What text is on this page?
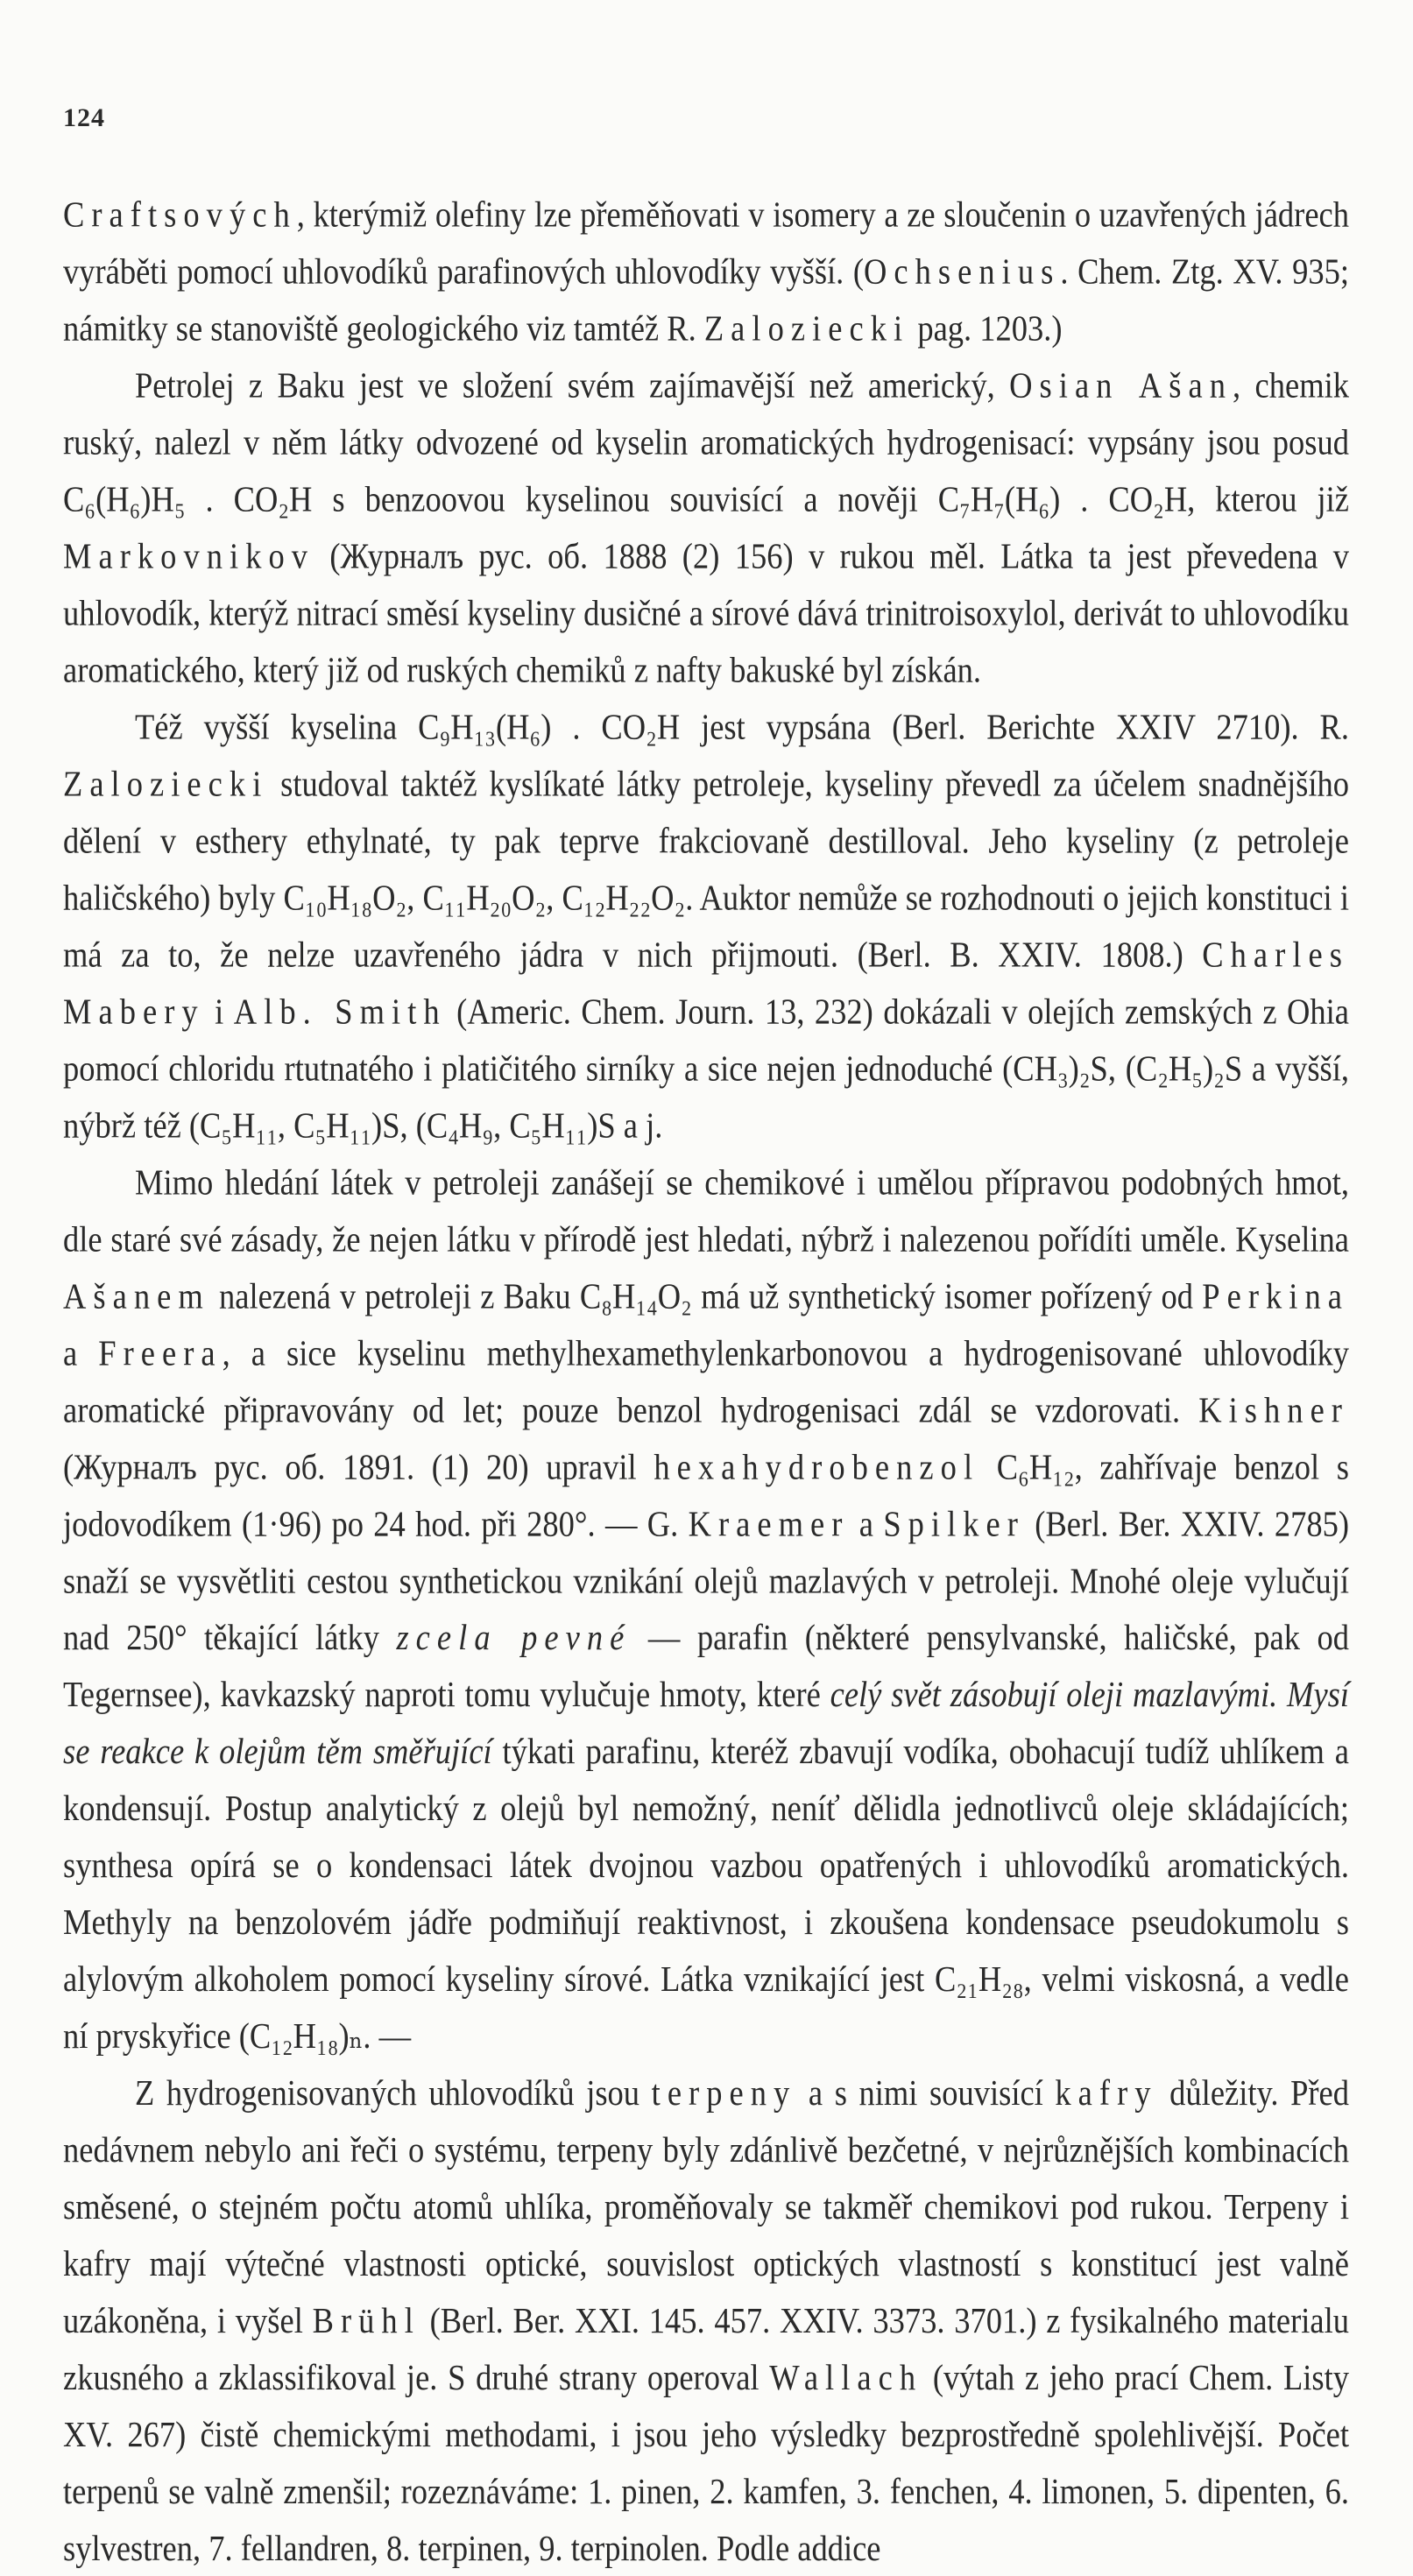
124

Craftsových, kterýmiž olefiny lze přeměňovati v isomery a ze sloučenin o uzavřených jádrech vyráběti pomocí uhlovodíků parafinových uhlovodíky vyšší. (Ochsenius. Chem. Ztg. XV. 935; námitky se stanoviště geologického viz tamtéž R. Zaloziecki pag. 1203.)

Petrolej z Baku jest ve složení svém zajímavější než americký, Osian Ašan, chemik ruský, nalezl v něm látky odvozené od kyselin aromatických hydrogenisací: vypsány jsou posud C₆(H₆)H₅ . CO₂H s benzoovou kyselinou souvisící a nověji C₇H₇(H₆) . CO₂H, kterou již Markovnikov (Журналъ рус. об. 1888 (2) 156) v rukou měl. Látka ta jest převedena v uhlovodík, kterýž nitrací směsí kyseliny dusičné a sírové dává trinitroisoxylol, derivát to uhlovodíku aromatického, který již od ruských chemiků z nafty bakuské byl získán.

Též vyšší kyselina C₉H₁₃(H₆) . CO₂H jest vypsána (Berl. Berichte XXIV 2710). R. Zaloziecki studoval taktéž kyslíkaté látky petroleje, kyseliny převedl za účelem snadnějšího dělení v esthery ethylnaté, ty pak teprve frakciovaně destilloval. Jeho kyseliny (z petroleje haličského) byly C₁₀H₁₈O₂, C₁₁H₂₀O₂, C₁₂H₂₂O₂. Auktor nemůže se rozhodnouti o jejich konstituci i má za to, že nelze uzavřeného jádra v nich přijmouti. (Berl. B. XXIV. 1808.) Charles Mabery i Alb. Smith (Americ. Chem. Journ. 13, 232) dokázali v olejích zemských z Ohia pomocí chloridu rtutnatého i platičitého sirníky a sice nejen jednoduché (CH₃)₂S, (C₂H₅)₂S a vyšší, nýbrž též (C₅H₁₁, C₅H₁₁)S, (C₄H₉, C₅H₁₁)S a j.

Mimo hledání látek v petroleji zanášejí se chemikové i umělou přípravou podobných hmot, dle staré své zásady, že nejen látku v přírodě jest hledati, nýbrž i nalezenou pořídíti uměle. Kyselina Ašanem nalezená v petroleji z Baku C₈H₁₄O₂ má už synthetický isomer pořízený od Perkina a Freera, a sice kyselinu methylhexamethylenkarbonovou a hydrogenisované uhlovodíky aromatické připravovány od let; pouze benzol hydrogenisaci zdál se vzdorovati. Kishner (Журналъ рус. об. 1891. (1) 20) upravil hexahydrobenzol C₆H₁₂, zahřívaje benzol s jodovodíkem (1·96) po 24 hod. při 280°. — G. Kraemer a Spilker (Berl. Ber. XXIV. 2785) snaží se vysvětliti cestou synthetickou vznikání olejů mazlavých v petroleji. Mnohé oleje vylučují nad 250° těkající látky zcela pevné — parafin (některé pensylvanské, haličské, pak od Tegernsee), kavkazský naproti tomu vylučuje hmoty, které celý svět zásobují oleji mazlavými. Mysí se reakce k olejům těm směřující týkati parafinu, kteréž zbavují vodíka, obohacují tudíž uhlíkem a kondensují. Postup analytický z olejů byl nemožný, neníť dělidla jednotlivců oleje skládajících; synthesa opírá se o kondensaci látek dvojnou vazbou opatřených i uhlovodíků aromatických. Methyly na benzolovém jádře podmiňují reaktivnost, i zkoušena kondensace pseudokumolu s alylovým alkoholem pomocí kyseliny sírové. Látka vznikající jest C₂₁H₂₈, velmi viskosná, a vedle ní pryskyřice (C₁₂H₁₈)ₙ. —

Z hydrogenisovaných uhlovodíků jsou terpeny a s nimi souvisící kafry důležity. Před nedávnem nebylo ani řeči o systému, terpeny byly zdánlivě bezčetné, v nejrůznějších kombinacích směsené, o stejném počtu atomů uhlíka, proměňovaly se takměř chemikovi pod rukou. Terpeny i kafry mají výtečné vlastnosti optické, souvislost optických vlastností s konstitucí jest valně uzákoněna, i vyšel Brühl (Berl. Ber. XXI. 145. 457. XXIV. 3373. 3701.) z fysikalného materialu zkusného a zklassifikoval je. S druhé strany operoval Wallach (výtah z jeho prací Chem. Listy XV. 267) čistě chemickými methodami, i jsou jeho výsledky bezprostředně spolehlivější. Počet terpenů se valně zmenšil; rozeznáváme: 1. pinen, 2. kamfen, 3. fenchen, 4. limonen, 5. dipenten, 6. sylvestren, 7. fellandren, 8. terpinen, 9. terpinolen. Podle addice
